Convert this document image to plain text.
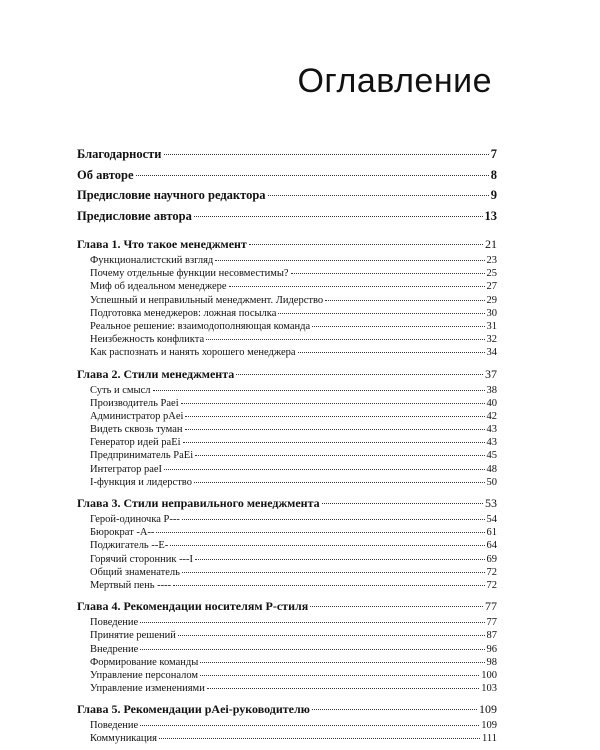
Оглавление
Благодарности	7
Об авторе	8
Предисловие научного редактора	9
Предисловие автора	13
Глава 1. Что такое менеджмент	21
Функционалистский взгляд	23
Почему отдельные функции несовместимы?	25
Миф об идеальном менеджере	27
Успешный и неправильный менеджмент. Лидерство	29
Подготовка менеджеров: ложная посылка	30
Реальное решение: взаимодополняющая команда	31
Неизбежность конфликта	32
Как распознать и нанять хорошего менеджера	34
Глава 2. Стили менеджмента	37
Суть и смысл	38
Производитель Paei	40
Администратор pAei	42
Видеть сквозь туман	43
Генератор идей paEi	43
Предприниматель PaEi	45
Интегратор paeI	48
I-функция и лидерство	50
Глава 3. Стили неправильного менеджмента	53
Герой-одиночка P---	54
Бюрократ -A--	61
Поджигатель --E-	64
Горячий сторонник ---I	69
Общий знаменатель	72
Мертвый пень ----	72
Глава 4. Рекомендации носителям P-стиля	77
Поведение	77
Принятие решений	87
Внедрение	96
Формирование команды	98
Управление персоналом	100
Управление изменениями	103
Глава 5. Рекомендации pAei-руководителю	109
Поведение	109
Коммуникация	111
